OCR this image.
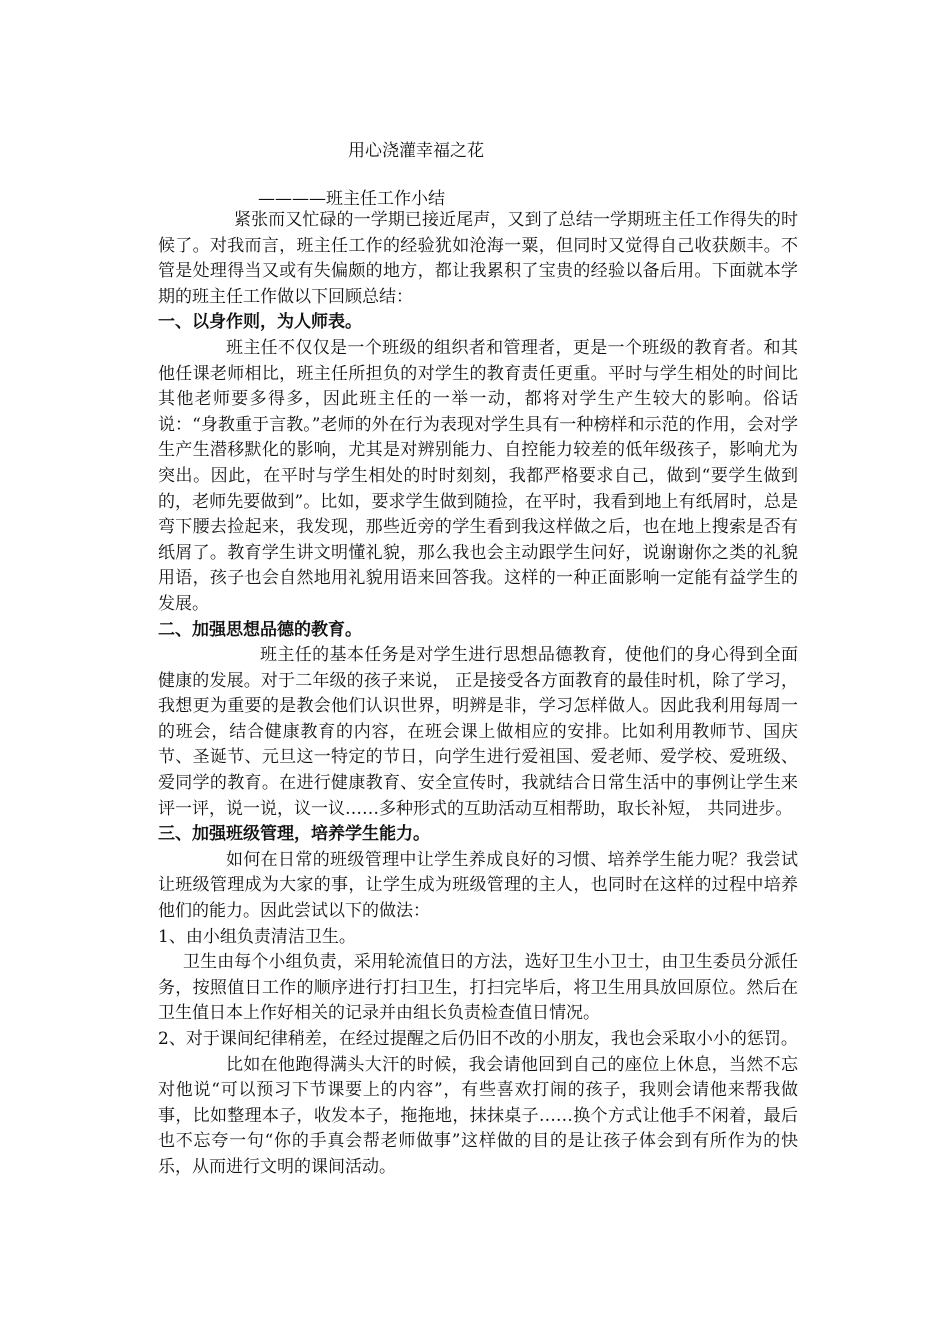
用心浇灌幸福之花
————班主任工作小结

紧张而又忙碌的一学期已接近尾声，又到了总结一学期班主任工作得失的时候了。对我而言，班主任工作的经验犹如沧海一粟，但同时又觉得自己收获颇丰。不管是处理得当又或有失偏颇的地方，都让我累积了宝贵的经验以备后用。下面就本学期的班主任工作做以下回顾总结：

一、以身作则，为人师表。

班主任不仅仅是一个班级的组织者和管理者，更是一个班级的教育者。和其他任课老师相比，班主任所担负的对学生的教育责任更重。平时与学生相处的时间比其他老师要多得多，因此班主任的一举一动，都将对学生产生较大的影响。俗话说：“身教重于言教。”老师的外在行为表现对学生具有一种榜样和示范的作用，会对学生产生潜移默化的影响，尤其是对辨别能力、自控能力较差的低年级孩子，影响尤为突出。因此，在平时与学生相处的时时刻刻，我都严格要求自己，做到“要学生做到的，老师先要做到”。比如，要求学生做到随捡，在平时，我看到地上有纸屑时，总是弯下腰去捡起来，我发现，那些近旁的学生看到我这样做之后，也在地上搜索是否有纸屑了。教育学生讲文明懂礼貌，那么我也会主动跟学生问好，说谢谢你之类的礼貌用语，孩子也会自然地用礼貌用语来回答我。这样的一种正面影响一定能有益学生的发展。

二、加强思想品德的教育。

班主任的基本任务是对学生进行思想品德教育，使他们的身心得到全面健康的发展。对于二年级的孩子来说， 正是接受各方面教育的最佳时机，除了学习，我想更为重要的是教会他们认识世界，明辨是非，学习怎样做人。因此我利用每周一的班会，结合健康教育的内容，在班会课上做相应的安排。比如利用教师节、国庆节、圣诞节、元旦这一特定的节日，向学生进行爱祖国、爱老师、爱学校、爱班级、爱同学的教育。在进行健康教育、安全宣传时，我就结合日常生活中的事例让学生来评一评，说一说，议一议……多种形式的互助活动互相帮助，取长补短， 共同进步。

三、加强班级管理，培养学生能力。

如何在日常的班级管理中让学生养成良好的习惯、培养学生能力呢？我尝试让班级管理成为大家的事，让学生成为班级管理的主人，也同时在这样的过程中培养他们的能力。因此尝试以下的做法：

1、由小组负责清洁卫生。

卫生由每个小组负责，采用轮流值日的方法，选好卫生小卫士，由卫生委员分派任务，按照值日工作的顺序进行打扫卫生，打扫完毕后，将卫生用具放回原位。然后在卫生值日本上作好相关的记录并由组长负责检查值日情况。

2、对于课间纪律稍差，在经过提醒之后仍旧不改的小朋友，我也会采取小小的惩罚。

比如在他跑得满头大汗的时候，我会请他回到自己的座位上休息，当然不忘对他说“可以预习下节课要上的内容”，有些喜欢打闹的孩子，我则会请他来帮我做事，比如整理本子，收发本子，拖拖地，抹抹桌子……换个方式让他手不闲着，最后也不忘夸一句“你的手真会帮老师做事”这样做的目的是让孩子体会到有所作为的快乐，从而进行文明的课间活动。
